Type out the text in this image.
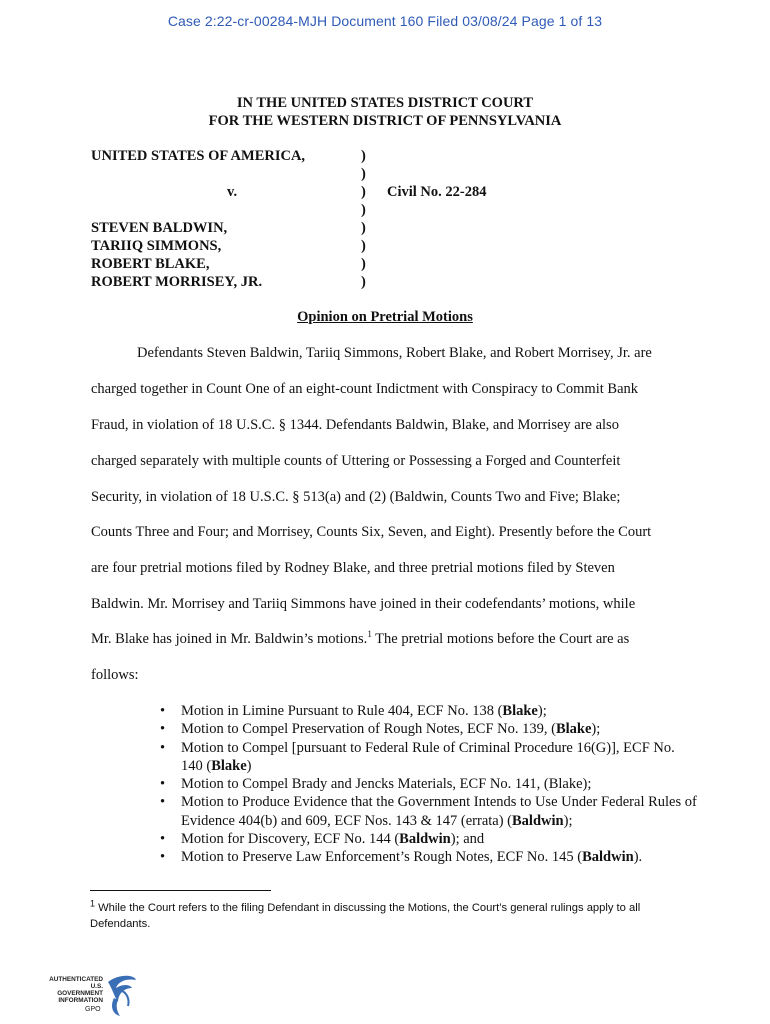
Case 2:22-cr-00284-MJH Document 160 Filed 03/08/24 Page 1 of 13
IN THE UNITED STATES DISTRICT COURT
FOR THE WESTERN DISTRICT OF PENNSYLVANIA
UNITED STATES OF AMERICA,
v.	Civil No. 22-284
STEVEN BALDWIN,
TARIIQ SIMMONS,
ROBERT BLAKE,
ROBERT MORRISEY, JR.
)
)
)
)
)
)
)
)
Opinion on Pretrial Motions
Defendants Steven Baldwin, Tariiq Simmons, Robert Blake, and Robert Morrisey, Jr. are
charged together in Count One of an eight-count Indictment with Conspiracy to Commit Bank
Fraud, in violation of 18 U.S.C. § 1344. Defendants Baldwin, Blake, and Morrisey are also
charged separately with multiple counts of Uttering or Possessing a Forged and Counterfeit
Security, in violation of 18 U.S.C. § 513(a) and (2) (Baldwin, Counts Two and Five; Blake;
Counts Three and Four; and Morrisey, Counts Six, Seven, and Eight). Presently before the Court
are four pretrial motions filed by Rodney Blake, and three pretrial motions filed by Steven
Baldwin. Mr. Morrisey and Tariiq Simmons have joined in their codefendants’ motions, while
Mr. Blake has joined in Mr. Baldwin’s motions.$^1$ The pretrial motions before the Court are as
follows:
• Motion in Limine Pursuant to Rule 404, ECF No. 138 (Blake);
• Motion to Compel Preservation of Rough Notes, ECF No. 139, (Blake);
• Motion to Compel [pursuant to Federal Rule of Criminal Procedure 16(G)], ECF No. 140 (Blake)
• Motion to Compel Brady and Jencks Materials, ECF No. 141, (Blake);
• Motion to Produce Evidence that the Government Intends to Use Under Federal Rules of Evidence 404(b) and 609, ECF Nos. 143 & 147 (errata) (Baldwin);
• Motion for Discovery, ECF No. 144 (Baldwin); and
• Motion to Preserve Law Enforcement’s Rough Notes, ECF No. 145 (Baldwin).
$^1$ While the Court refers to the filing Defendant in discussing the Motions, the Court’s general rulings apply to all Defendants.
AUTHENTICATED
U.S. GOVERNMENT
INFORMATION
GPO
